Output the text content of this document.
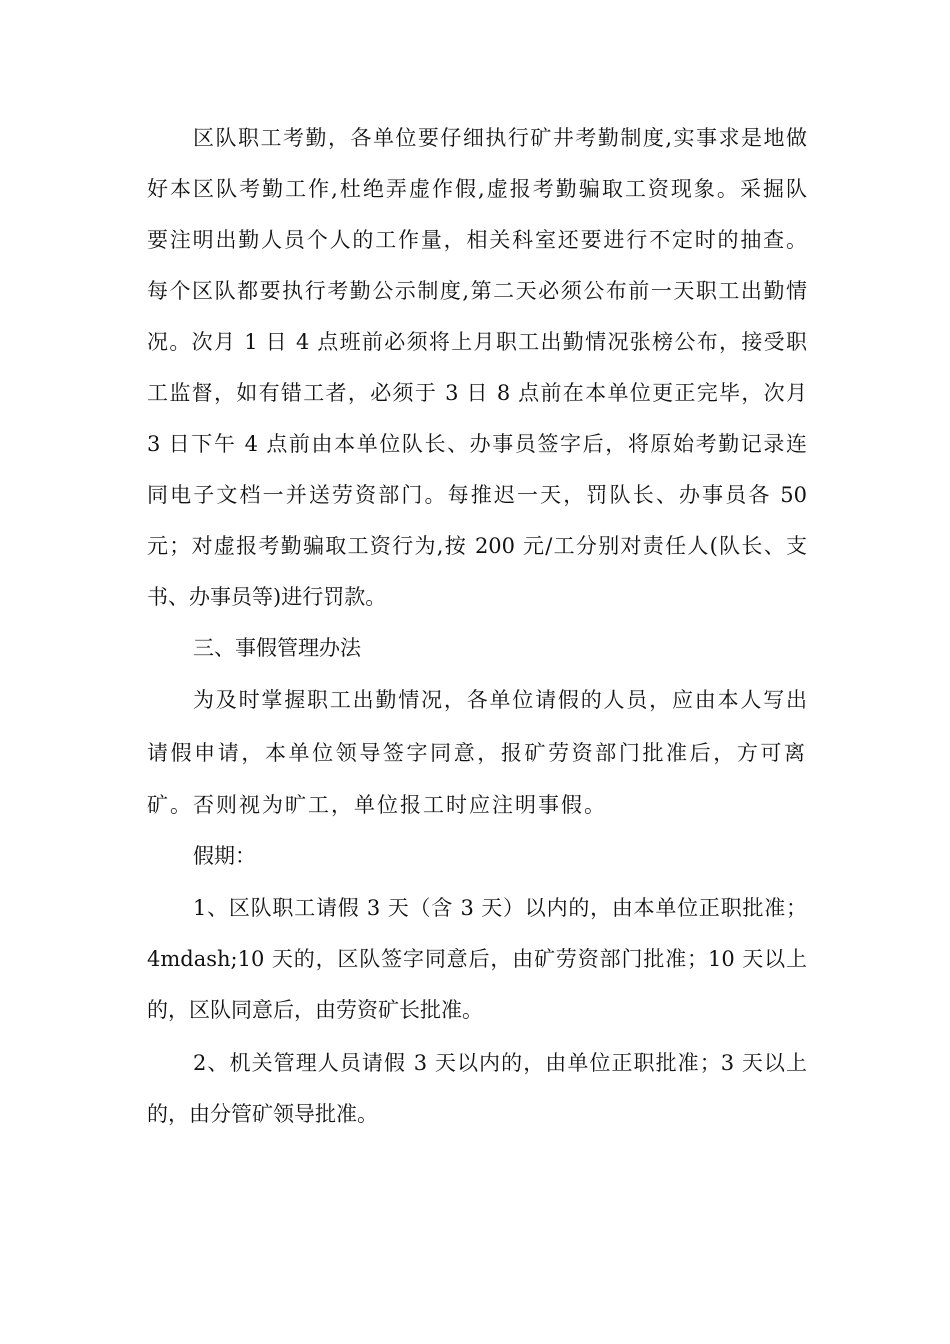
区队职工考勤，各单位要仔细执行矿井考勤制度,实事求是地做
好本区队考勤工作,杜绝弄虚作假,虚报考勤骗取工资现象。采掘队
要注明出勤人员个人的工作量，相关科室还要进行不定时的抽查。
每个区队都要执行考勤公示制度,第二天必须公布前一天职工出勤情
况。次月 1 日 4 点班前必须将上月职工出勤情况张榜公布，接受职
工监督，如有错工者，必须于 3 日 8 点前在本单位更正完毕，次月
3 日下午 4 点前由本单位队长、办事员签字后，将原始考勤记录连
同电子文档一并送劳资部门。每推迟一天，罚队长、办事员各 50
元；对虚报考勤骗取工资行为,按 200 元/工分别对责任人(队长、支
书、办事员等)进行罚款。
三、事假管理办法
为及时掌握职工出勤情况，各单位请假的人员，应由本人写出
请假申请，本单位领导签字同意，报矿劳资部门批准后，方可离
矿。否则视为旷工，单位报工时应注明事假。
假期：
1、区队职工请假 3 天（含 3 天）以内的，由本单位正职批准；
4mdash;10 天的，区队签字同意后，由矿劳资部门批准；10 天以上
的，区队同意后，由劳资矿长批准。
2、机关管理人员请假 3 天以内的，由单位正职批准；3 天以上
的，由分管矿领导批准。
